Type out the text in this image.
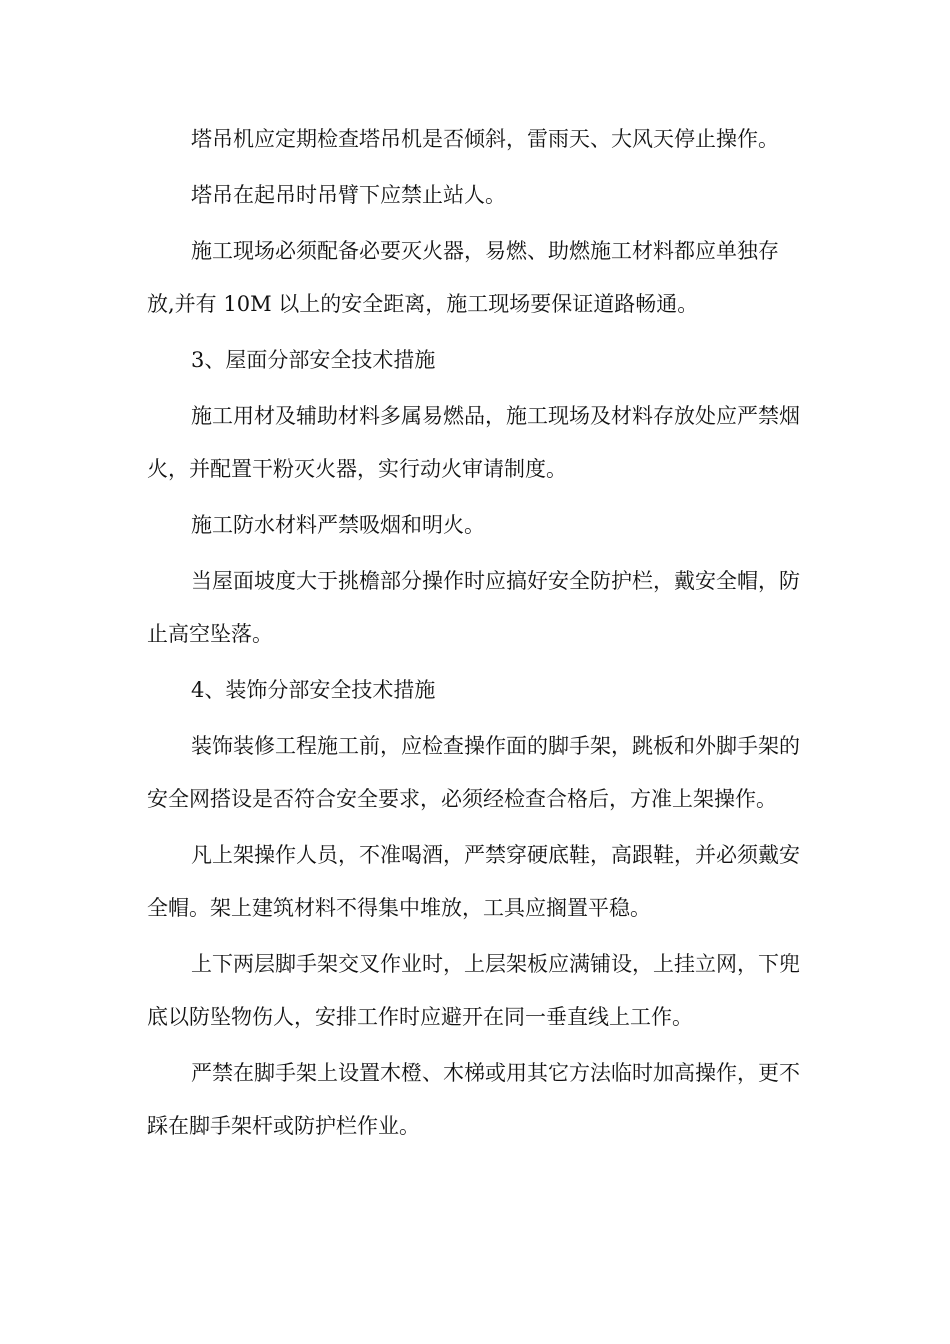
塔吊机应定期检查塔吊机是否倾斜，雷雨天、大风天停止操作。

塔吊在起吊时吊臂下应禁止站人。

施工现场必须配备必要灭火器，易燃、助燃施工材料都应单独存放,并有 10M 以上的安全距离，施工现场要保证道路畅通。

3、屋面分部安全技术措施

施工用材及辅助材料多属易燃品，施工现场及材料存放处应严禁烟火，并配置干粉灭火器，实行动火审请制度。

施工防水材料严禁吸烟和明火。

当屋面坡度大于挑檐部分操作时应搞好安全防护栏，戴安全帽，防止高空坠落。

4、装饰分部安全技术措施

装饰装修工程施工前，应检查操作面的脚手架，跳板和外脚手架的安全网搭设是否符合安全要求，必须经检查合格后，方准上架操作。

凡上架操作人员，不准喝酒，严禁穿硬底鞋，高跟鞋，并必须戴安全帽。架上建筑材料不得集中堆放，工具应搁置平稳。

上下两层脚手架交叉作业时，上层架板应满铺设，上挂立网，下兜底以防坠物伤人，安排工作时应避开在同一垂直线上工作。

严禁在脚手架上设置木橙、木梯或用其它方法临时加高操作，更不踩在脚手架杆或防护栏作业。
